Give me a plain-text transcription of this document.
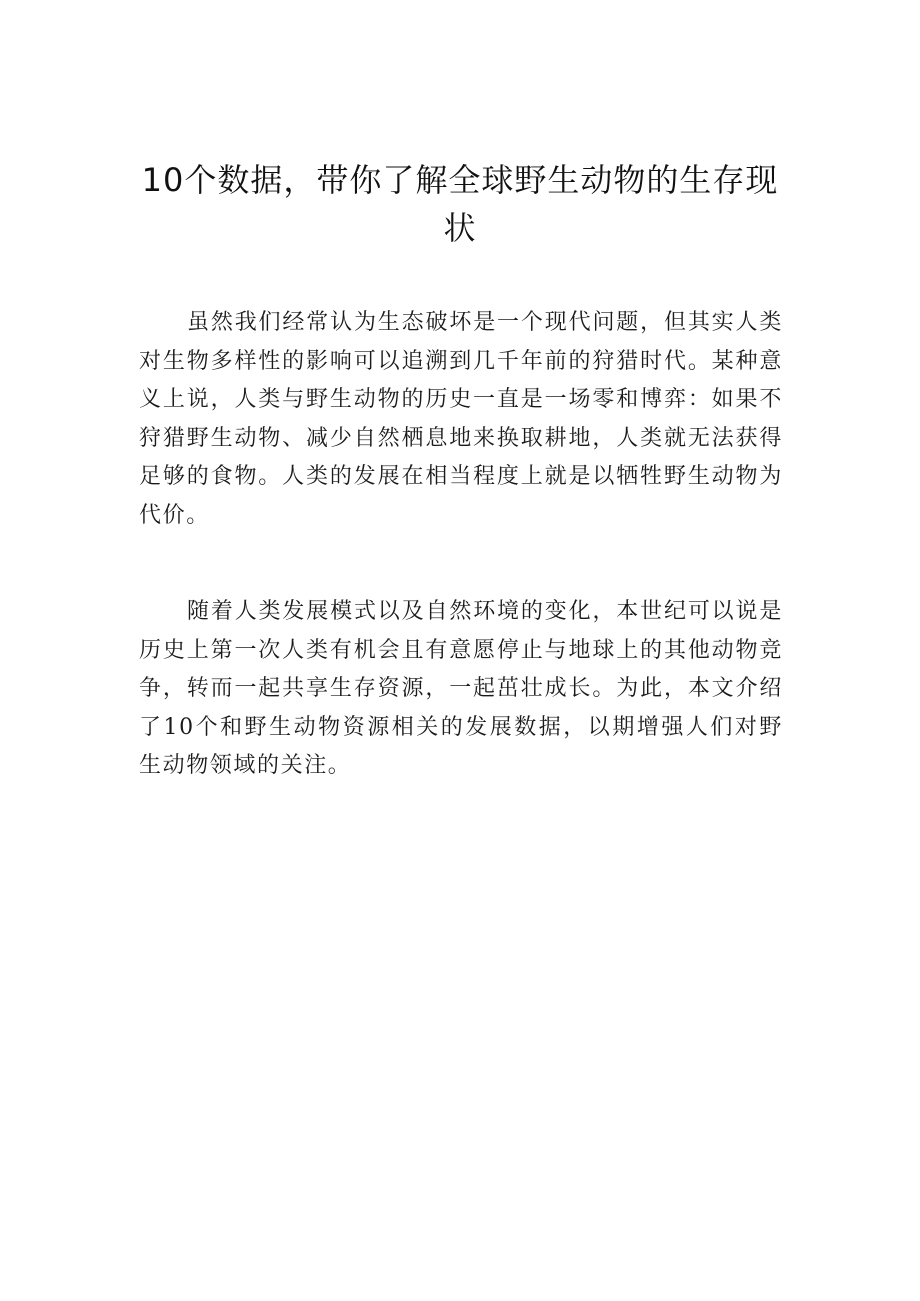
10个数据，带你了解全球野生动物的生存现状

虽然我们经常认为生态破坏是一个现代问题，但其实人类对生物多样性的影响可以追溯到几千年前的狩猎时代。某种意义上说，人类与野生动物的历史一直是一场零和博弈：如果不狩猎野生动物、减少自然栖息地来换取耕地，人类就无法获得足够的食物。人类的发展在相当程度上就是以牺牲野生动物为代价。

随着人类发展模式以及自然环境的变化，本世纪可以说是历史上第一次人类有机会且有意愿停止与地球上的其他动物竞争，转而一起共享生存资源，一起茁壮成长。为此，本文介绍了10个和野生动物资源相关的发展数据，以期增强人们对野生动物领域的关注。
